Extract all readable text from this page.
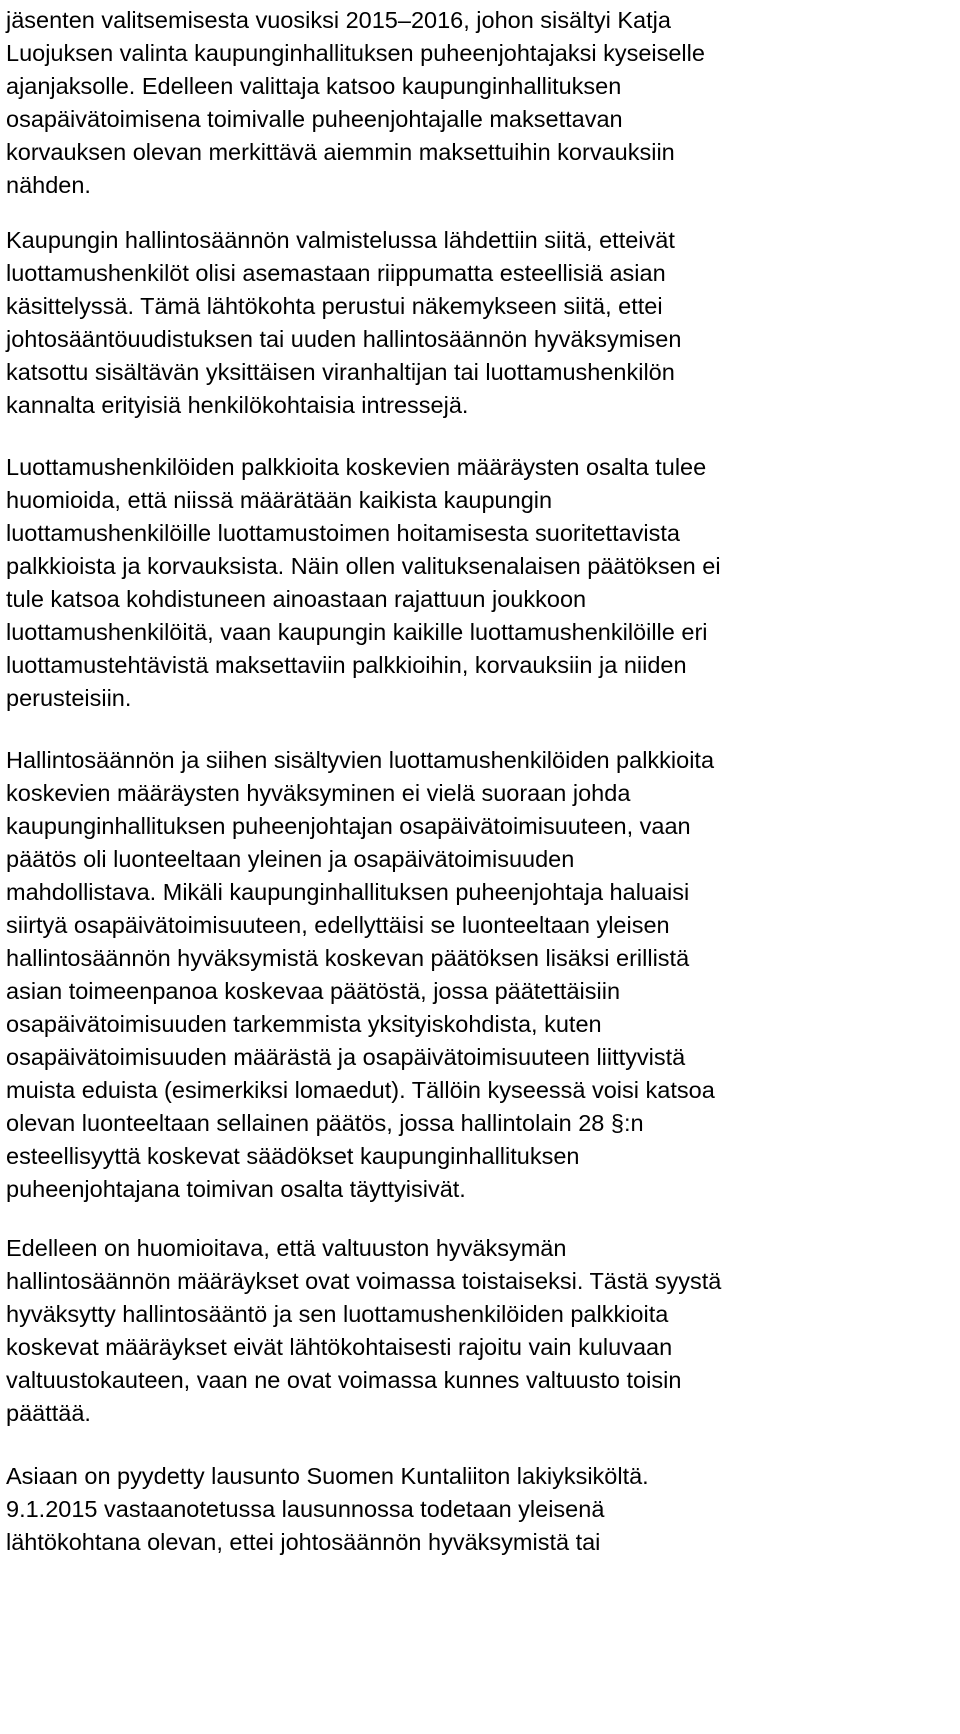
jäsenten valitsemisesta vuosiksi 2015–2016, johon sisältyi Katja
Luojuksen valinta kaupunginhallituksen puheenjohtajaksi kyseiselle
ajanjaksolle. Edelleen valittaja katsoo kaupunginhallituksen
osapäivätoimisena toimivalle puheenjohtajalle maksettavan
korvauksen olevan merkittävä aiemmin maksettuihin korvauksiin
nähden.
Kaupungin hallintosäännön valmistelussa lähdettiin siitä, etteivät
luottamushenkilöt olisi asemastaan riippumatta esteellisiä asian
käsittelyssä. Tämä lähtökohta perustui näkemykseen siitä, ettei
johtosääntöuudistuksen tai uuden hallintosäännön hyväksymisen
katsottu sisältävän yksittäisen viranhaltijan tai luottamushenkilön
kannalta erityisiä henkilökohtaisia intressejä.
Luottamushenkilöiden palkkioita koskevien määräysten osalta tulee
huomioida, että niissä määrätään kaikista kaupungin
luottamushenkilöille luottamustoimen hoitamisesta suoritettavista
palkkioista ja korvauksista. Näin ollen valituksenalaisen päätöksen ei
tule katsoa kohdistuneen ainoastaan rajattuun joukkoon
luottamushenkilöitä, vaan kaupungin kaikille luottamushenkilöille eri
luottamustehtävistä maksettaviin palkkioihin, korvauksiin ja niiden
perusteisiin.
Hallintosäännön ja siihen sisältyvien luottamushenkilöiden palkkioita
koskevien määräysten hyväksyminen ei vielä suoraan johda
kaupunginhallituksen puheenjohtajan osapäivätoimisuuteen, vaan
päätös oli luonteeltaan yleinen ja osapäivätoimisuuden
mahdollistava. Mikäli kaupunginhallituksen puheenjohtaja haluaisi
siirtyä osapäivätoimisuuteen, edellyttäisi se luonteeltaan yleisen
hallintosäännön hyväksymistä koskevan päätöksen lisäksi erillistä
asian toimeenpanoa koskevaa päätöstä, jossa päätettäisiin
osapäivätoimisuuden tarkemmista yksityiskohdista, kuten
osapäivätoimisuuden määrästä ja osapäivätoimisuuteen liittyvistä
muista eduista (esimerkiksi lomaedut). Tällöin kyseessä voisi katsoa
olevan luonteeltaan sellainen päätös, jossa hallintolain 28 §:n
esteellisyyttä koskevat säädökset kaupunginhallituksen
puheenjohtajana toimivan osalta täyttyisivät.
Edelleen on huomioitava, että valtuuston hyväksymän
hallintosäännön määräykset ovat voimassa toistaiseksi. Tästä syystä
hyväksytty hallintosääntö ja sen luottamushenkilöiden palkkioita
koskevat määräykset eivät lähtökohtaisesti rajoitu vain kuluvaan
valtuustokauteen, vaan ne ovat voimassa kunnes valtuusto toisin
päättää.
Asiaan on pyydetty lausunto Suomen Kuntaliiton lakiyksiköltä.
9.1.2015 vastaanotetussa lausunnossa todetaan yleisenä
lähtökohtana olevan, ettei johtosäännön hyväksymistä tai
